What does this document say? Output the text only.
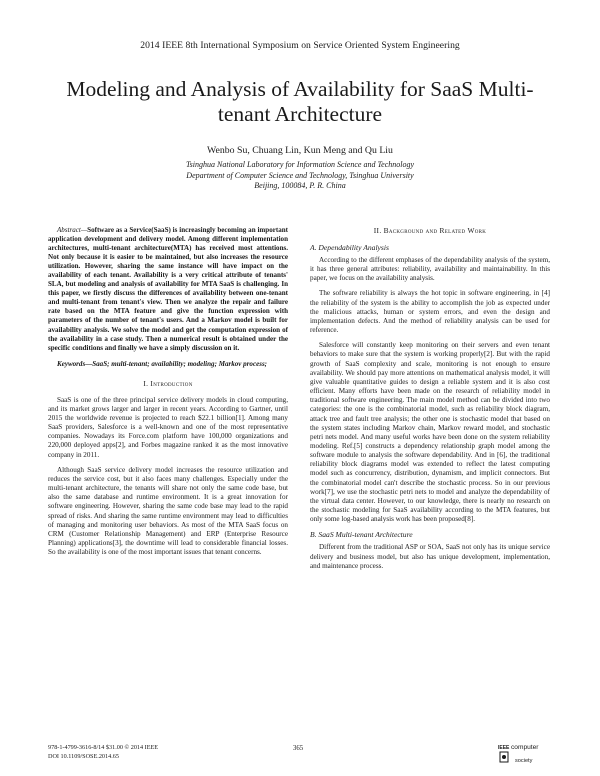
2014 IEEE 8th International Symposium on Service Oriented System Engineering
Modeling and Analysis of Availability for SaaS Multi-tenant Architecture
Wenbo Su, Chuang Lin, Kun Meng and Qu Liu
Tsinghua National Laboratory for Information Science and Technology
Department of Computer Science and Technology, Tsinghua University
Beijing, 100084, P. R. China

Abstract—Software as a Service(SaaS) is increasingly becoming an important application development and delivery model. Among different implementation architectures, multi-tenant architecture(MTA) has received most attentions. Not only because it is easier to be maintained, but also increases the resource utilization. However, sharing the same instance will have impact on the availability of each tenant. Availability is a very critical attribute of tenants' SLA, but modeling and analysis of availability for MTA SaaS is challenging. In this paper, we firstly discuss the differences of availability between one-tenant and multi-tenant from tenant's view. Then we analyze the repair and failure rate based on the MTA feature and give the function expression with parameters of the number of tenant's users. And a Markov model is built for availability analysis. We solve the model and get the computation expression of the availability in a case study. Then a numerical result is obtained under the specific conditions and finally we have a simply discussion on it.

Keywords—SaaS; multi-tenant; availability; modeling; Markov process;

I. Introduction

SaaS is one of the three principal service delivery models in cloud computing, and its market grows larger and larger in recent years. According to Gartner, until 2015 the worldwide revenue is projected to reach $22.1 billion[1]. Among many SaaS providers, Salesforce is a well-known and one of the most representative companies. Nowadays its Force.com platform have 100,000 organizations and 220,000 deployed apps[2], and Forbes magazine ranked it as the most innovative company in 2011.

Although SaaS service delivery model increases the resource utilization and reduces the service cost, but it also faces many challenges. Especially under the multi-tenant architecture, the tenants will share not only the same code base, but also the same database and runtime environment. It is a great innovation for software engineering. However, sharing the same code base may lead to the rapid spread of risks. And sharing the same runtime environment may lead to difficulties of managing and monitoring user behaviors. As most of the MTA SaaS focus on CRM (Customer Relationship Management) and ERP (Enterprise Resource Planning) applications[3], the downtime will lead to considerable financial losses. So the availability is one of the most important issues that tenant concerns.

II. Background and Related Work
A. Dependability Analysis

According to the different emphases of the dependability analysis of the system, it has three general attributes: reliability, availability and maintainability. In this paper, we focus on the availability analysis.

The software reliability is always the hot topic in software engineering, in [4] the reliability of the system is the ability to accomplish the job as expected under the malicious attacks, human or system errors, and even the design and implementation defects. And the method of reliability analysis can be used for reference.

Salesforce will constantly keep monitoring on their servers and even tenant behaviors to make sure that the system is working properly[2]. But with the rapid growth of SaaS complexity and scale, monitoring is not enough to ensure availability. We should pay more attentions on mathematical analysis model, it will give valuable quantitative guides to design a reliable system and it is also cost efficient. Many efforts have been made on the research of reliability model in traditional software engineering. The main model method can be divided into two categories: the one is the combinatorial model, such as reliability block diagram, attack tree and fault tree analysis; the other one is stochastic model that based on the system states including Markov chain, Markov reward model, and stochastic petri nets model. And many useful works have been done on the system reliability modeling. Ref.[5] constructs a dependency relationship graph model among the software module to analysis the software dependability. And in [6], the traditional reliability block diagrams model was extended to reflect the latest computing model such as concurrency, distribution, dynamism, and implicit connectors. But the combinatorial model can't describe the stochastic process. So in our previous work[7], we use the stochastic petri nets to model and analyze the dependability of the virtual data center. However, to our knowledge, there is nearly no research on the stochastic modeling for SaaS availability according to the MTA features, but only some log-based analysis work has been proposed[8].

B. SaaS Multi-tenant Architecture

Different from the traditional ASP or SOA, SaaS not only has its unique service delivery and business model, but also has unique development, implementation, and maintenance process.

978-1-4799-3616-8/14 $31.00 © 2014 IEEE
DOI 10.1109/SOSE.2014.65
365	IEEE computer
society
